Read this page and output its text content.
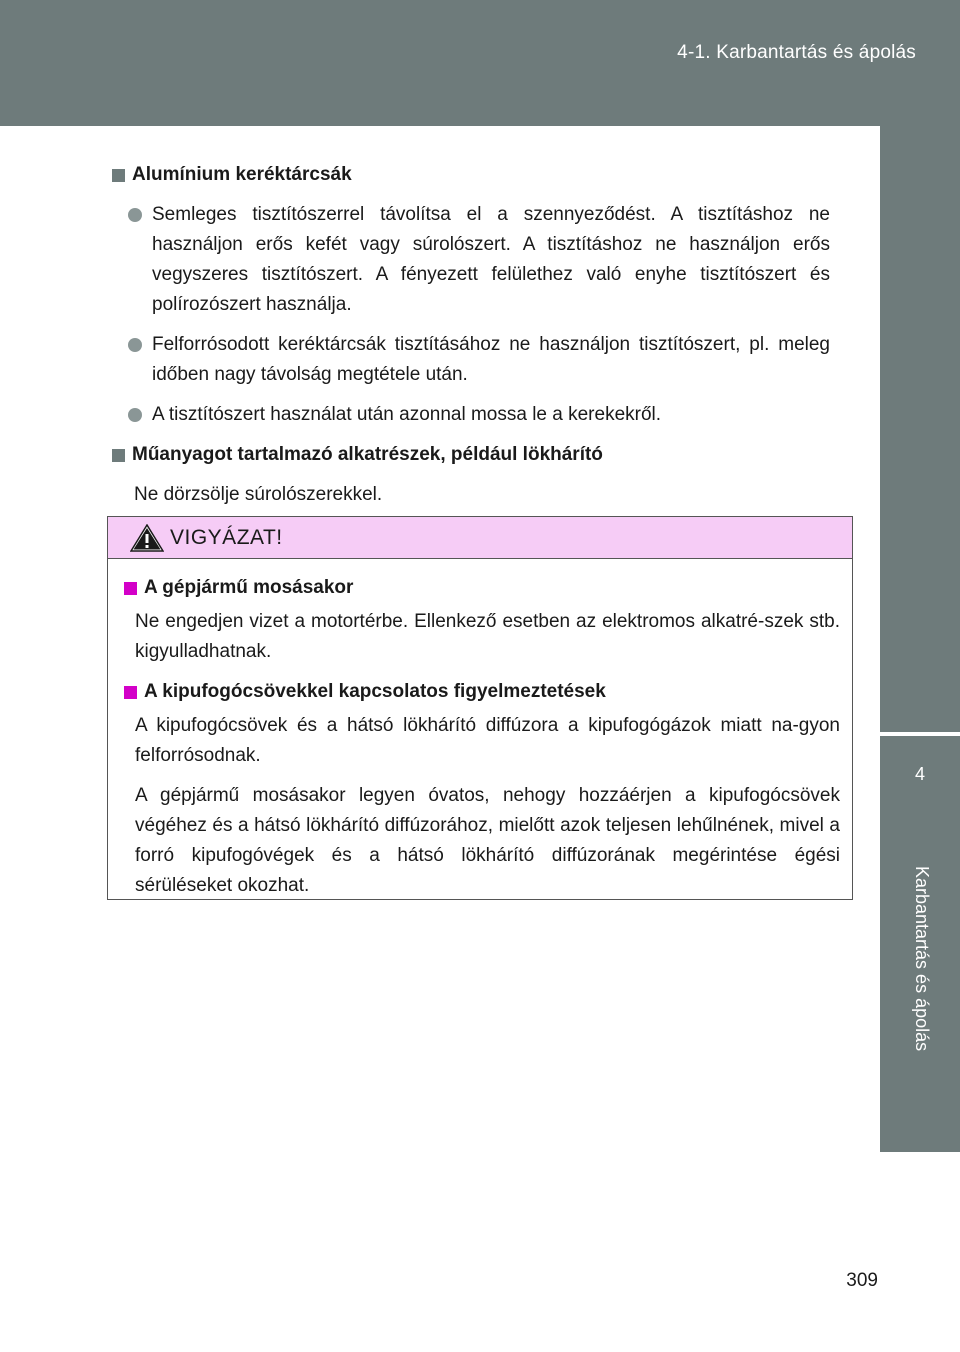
4-1. Karbantartás és ápolás
4
Karbantartás és ápolás
Alumínium keréktárcsák
Semleges tisztítószerrel távolítsa el a szennyeződést. A tisztításhoz ne használjon erős kefét vagy súrolószert. A tisztításhoz ne használjon erős vegyszeres tisztítószert. A fényezett felülethez való enyhe tisztítószert és polírozószert használja.
Felforrósodott keréktárcsák tisztításához ne használjon tisztítószert, pl. meleg időben nagy távolság megtétele után.
A tisztítószert használat után azonnal mossa le a kerekekről.
Műanyagot tartalmazó alkatrészek, például lökhárító
Ne dörzsölje súrolószerekkel.
VIGYÁZAT!
A gépjármű mosásakor
Ne engedjen vizet a motortérbe. Ellenkező esetben az elektromos alkatré-szek stb. kigyulladhatnak.
A kipufogócsövekkel kapcsolatos figyelmeztetések
A kipufogócsövek és a hátsó lökhárító diffúzora a kipufogógázok miatt na-gyon felforrósodnak.
A gépjármű mosásakor legyen óvatos, nehogy hozzáérjen a kipufogócsövek végéhez és a hátsó lökhárító diffúzorához, mielőtt azok teljesen lehűlnének, mivel a forró kipufogóvégek és a hátsó lökhárító diffúzorának megérintése égési sérüléseket okozhat.
309
